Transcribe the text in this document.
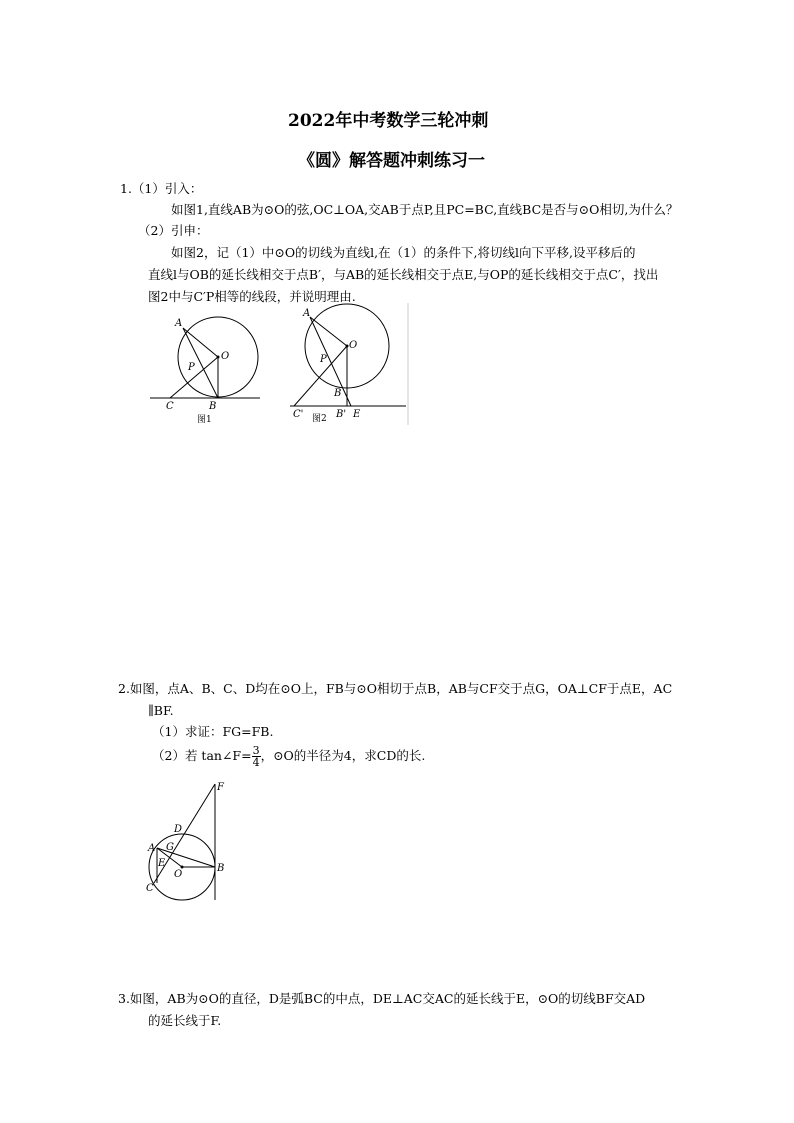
2022年中考数学三轮冲刺
《圆》解答题冲刺练习一
1.（1）引入：
如图1,直线AB为⊙O的弦,OC⊥OA,交AB于点P,且PC=BC,直线BC是否与⊙O相切,为什么？
（2）引申：
如图2，记（1）中⊙O的切线为直线l,在（1）的条件下,将切线l向下平移,设平移后的
直线l与OB的延长线相交于点B′，与AB的延长线相交于点E,与OP的延长线相交于点C′，找出
图2中与C′P相等的线段，并说明理由.
A
O
P
C	B
图1
A
O
P
B
C'	B' E
图2
2.如图，点A、B、C、D均在⊙O上，FB与⊙O相切于点B，AB与CF交于点G，OA⊥CF于点E，AC
∥BF.
（1）求证：FG=FB.
（2）若 tan∠F= $\frac{3}{4}$ ，⊙O的半径为4，求CD的长.
F
D
A G
E
O
B
C
3.如图，AB为⊙O的直径，D是弧BC的中点，DE⊥AC交AC的延长线于E，⊙O的切线BF交AD
的延长线于F.
